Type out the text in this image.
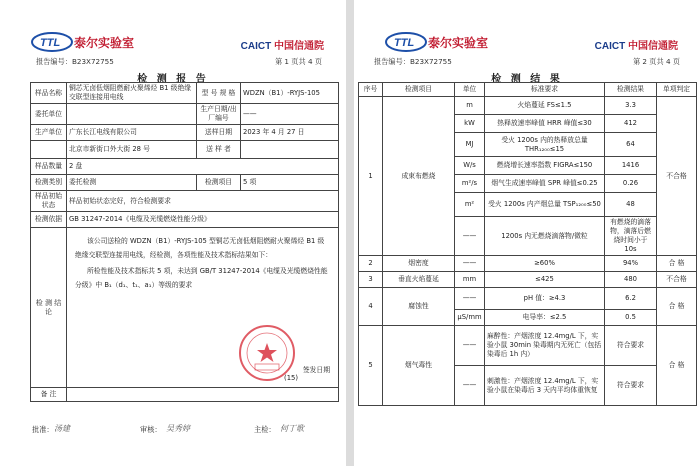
TTL 泰尔实验室	CAICT 中国信通院
报告编号：B23X72755	第 1 页共 4 页
检 测 报 告
样品名称	铜芯无卤低烟阻燃耐火聚烯烃 B1 级绝缘交联型连接用电线	型 号 规 格	WDZN（B1）-RYJS-105
委托单位		生产日期/出厂编号	——
生产单位	广东长江电线有限公司	送样日期	2023 年 4 月 27 日
	北京市新街口外大街 28 号	送 样 者	
样品数量	2 盘		
检测类别	委托检测	检测项目	5 项
样品初始状态	样品初始状态完好，符合检测要求		
检测依据	GB 31247-2014《电缆及光缆燃烧性能分级》		
检 测 结 论	该公司送检的 WDZN（B1）-RYJS-105 型铜芯无卤低烟阻燃耐火聚烯烃 B1 级绝缘交联型连接用电线，经检测，各项性能及技术指标结果如下：
所检性能及技术指标共 5 项，未达到 GB/T 31247-2014《电缆及光缆燃烧性能分级》中 B₁（d₁、t₁、a₁）等级的要求
签发日期
(15)		

备 注			
批准： 汤建	审核： 吴秀婷	主检： 何丁歌
TTL 泰尔实验室	CAICT 中国信通院
报告编号：B23X72755	第 2 页共 4 页
检 测 结 果
序号	检测项目	单位	标准要求	检测结果	单项判定
1	成束布燃烧	m	火焰蔓延 FS≤1.5	3.3	不合格
		kW	热释放速率峰值 HRR 峰值≤30	412	
		MJ	受火 1200s 内的热释放总量 THR₁₂₀₀≤15	64	
		W/s	燃烧增长速率指数 FIGRA≤150	1416	
		m²/s	烟气生成速率峰值 SPR 峰值≤0.25	0.26	
		m²	受火 1200s 内产烟总量 TSP₁₂₀₀≤50	48	
		——	1200s 内无燃烧滴落物/微粒	有燃烧的滴落物，滴落后燃烧时间小于 10s	
2	烟密度	——	≥60%	94%	合 格
3	垂直火焰蔓延	mm	≤425	480	不合格
4	腐蚀性	——	pH 值：≥4.3	6.2	合 格
		μS/mm	电导率：≤2.5	0.5	
5	烟气毒性	——	麻醉性：产烟浓度 12.4mg/L 下，实验小鼠 30min 染毒期内无死亡（包括染毒后 1h 内）	符合要求	合 格
		——	刺激性：产烟浓度 12.4mg/L 下，实验小鼠在染毒后 3 天内平均体重恢复	符合要求	
